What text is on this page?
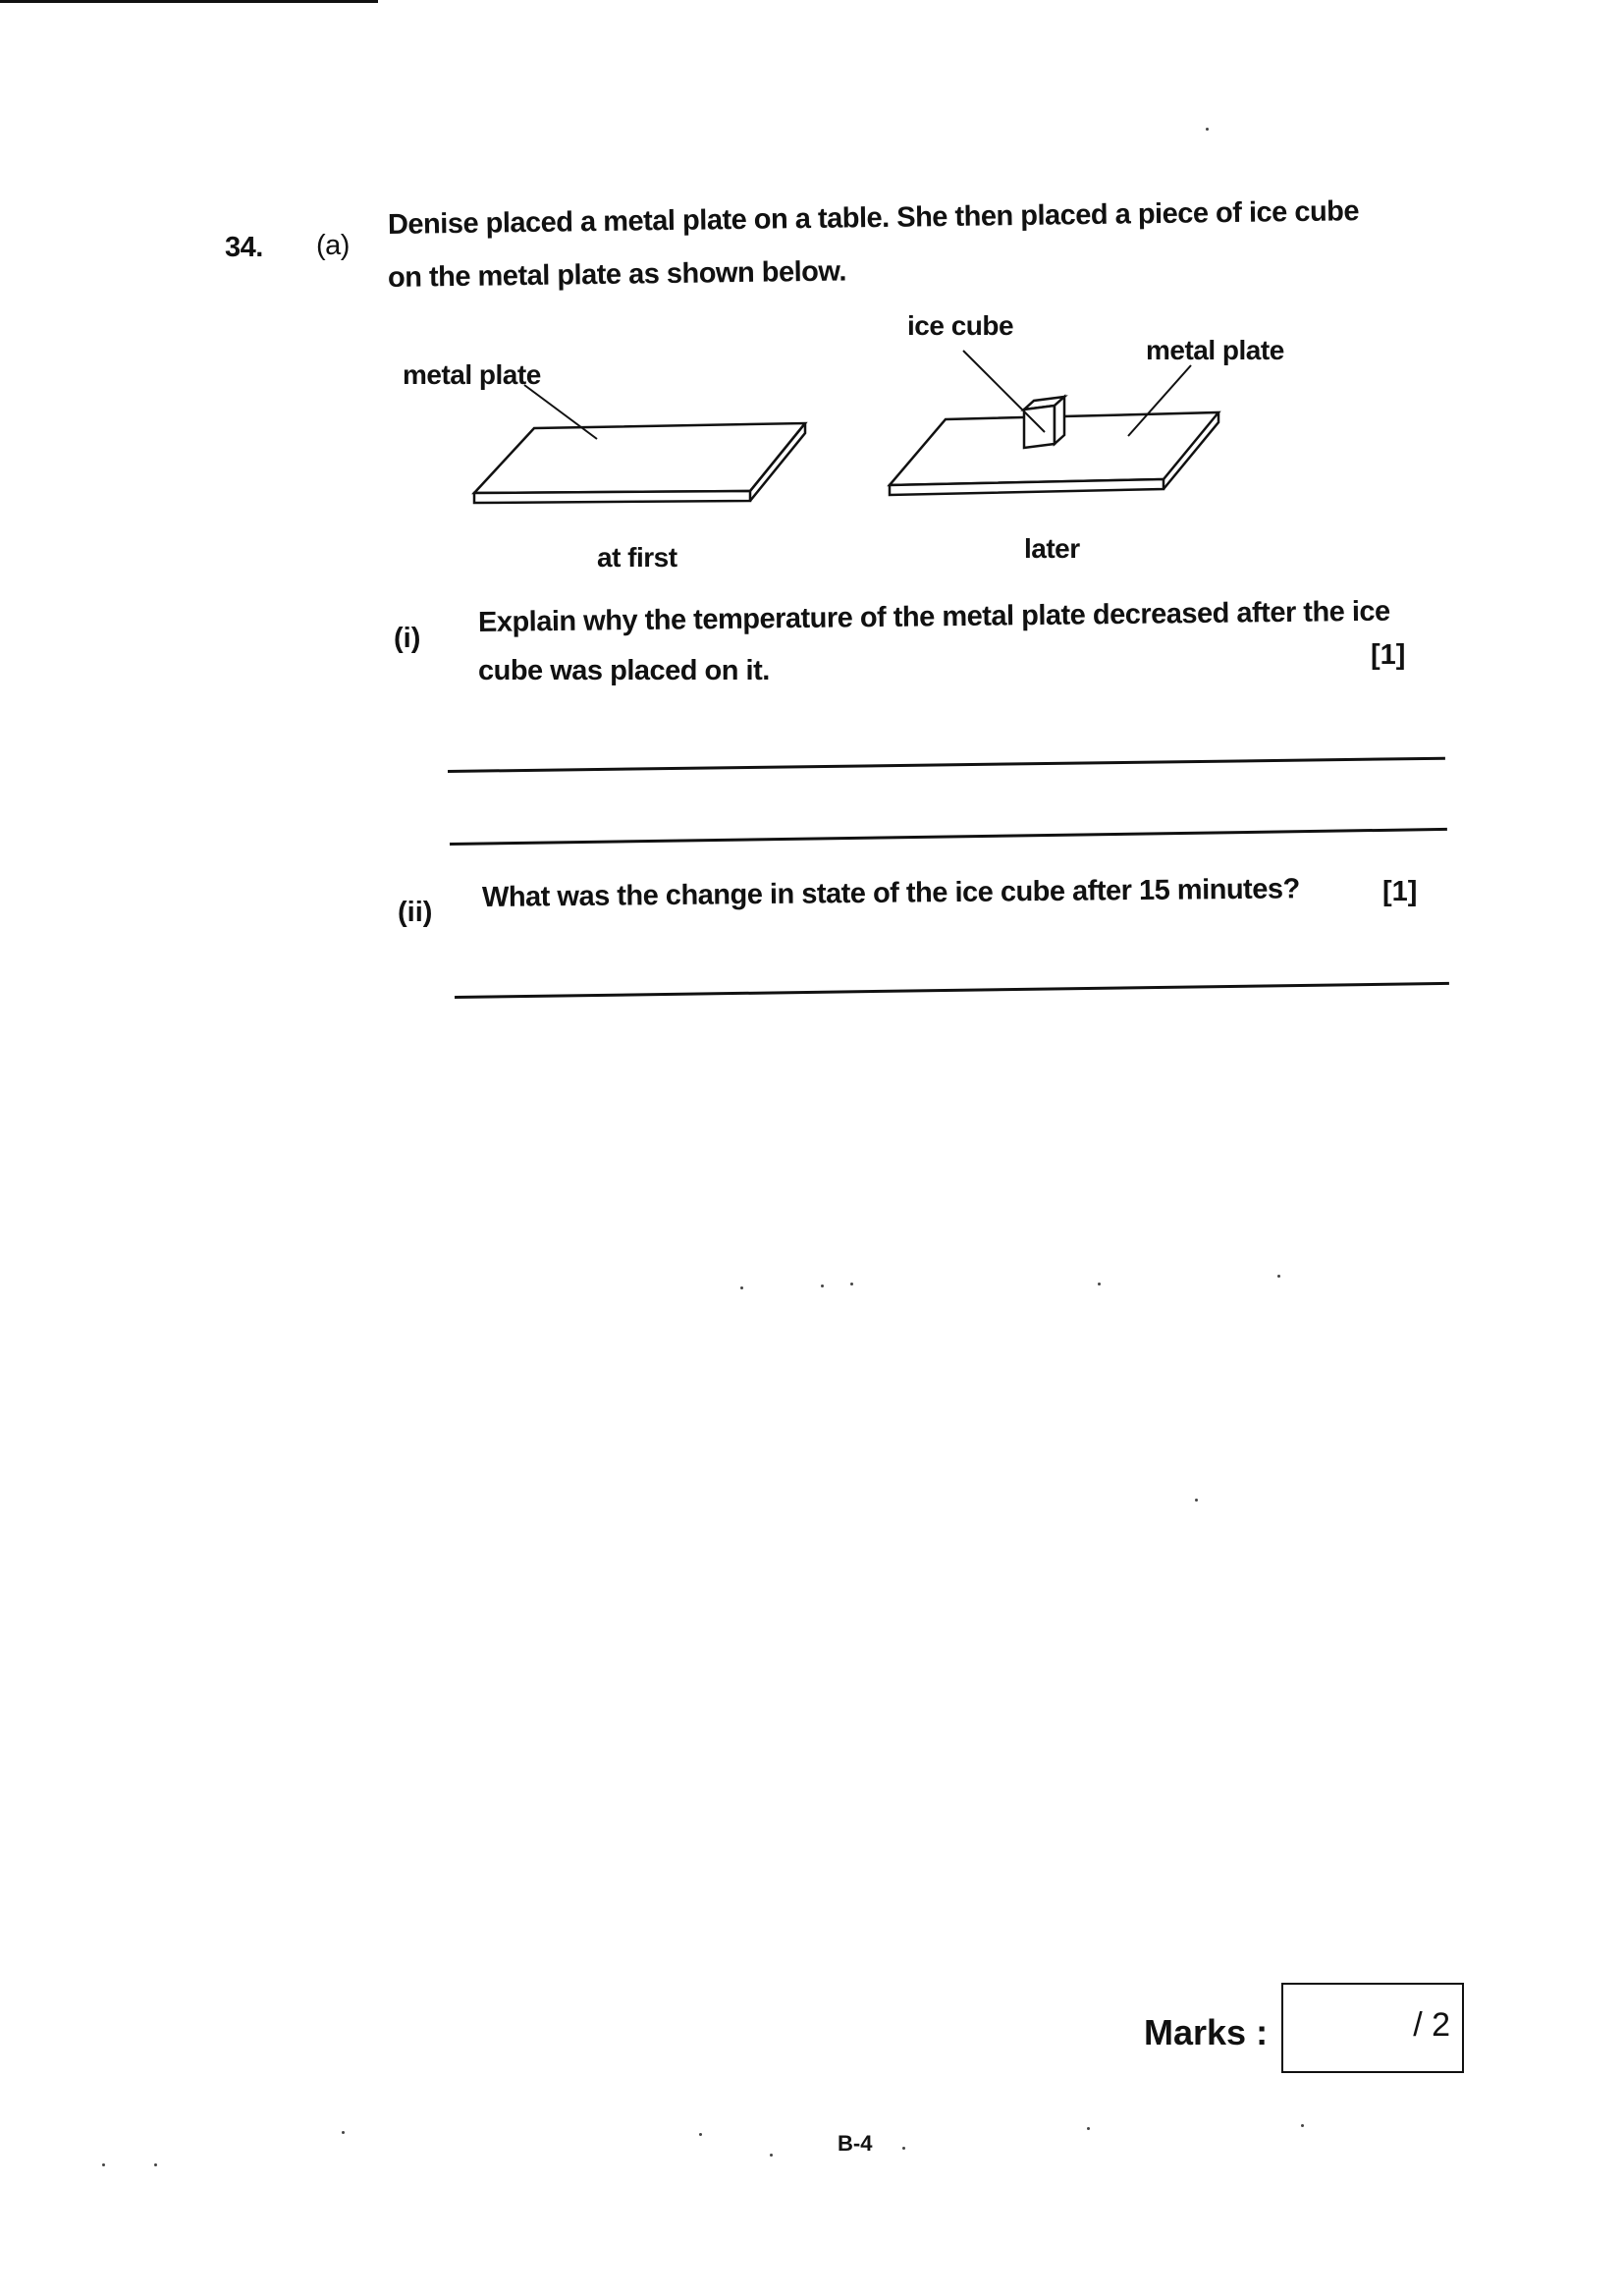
34. (a)
Denise placed a metal plate on a table. She then placed a piece of ice cube
on the metal plate as shown below.
metal plate
at first
ice cube
metal plate
later
(i)
Explain why the temperature of the metal plate decreased after the ice
cube was placed on it.	[1]
(ii) What was the change in state of the ice cube after 15 minutes?	[1]
Marks :	/ 2
B-4
